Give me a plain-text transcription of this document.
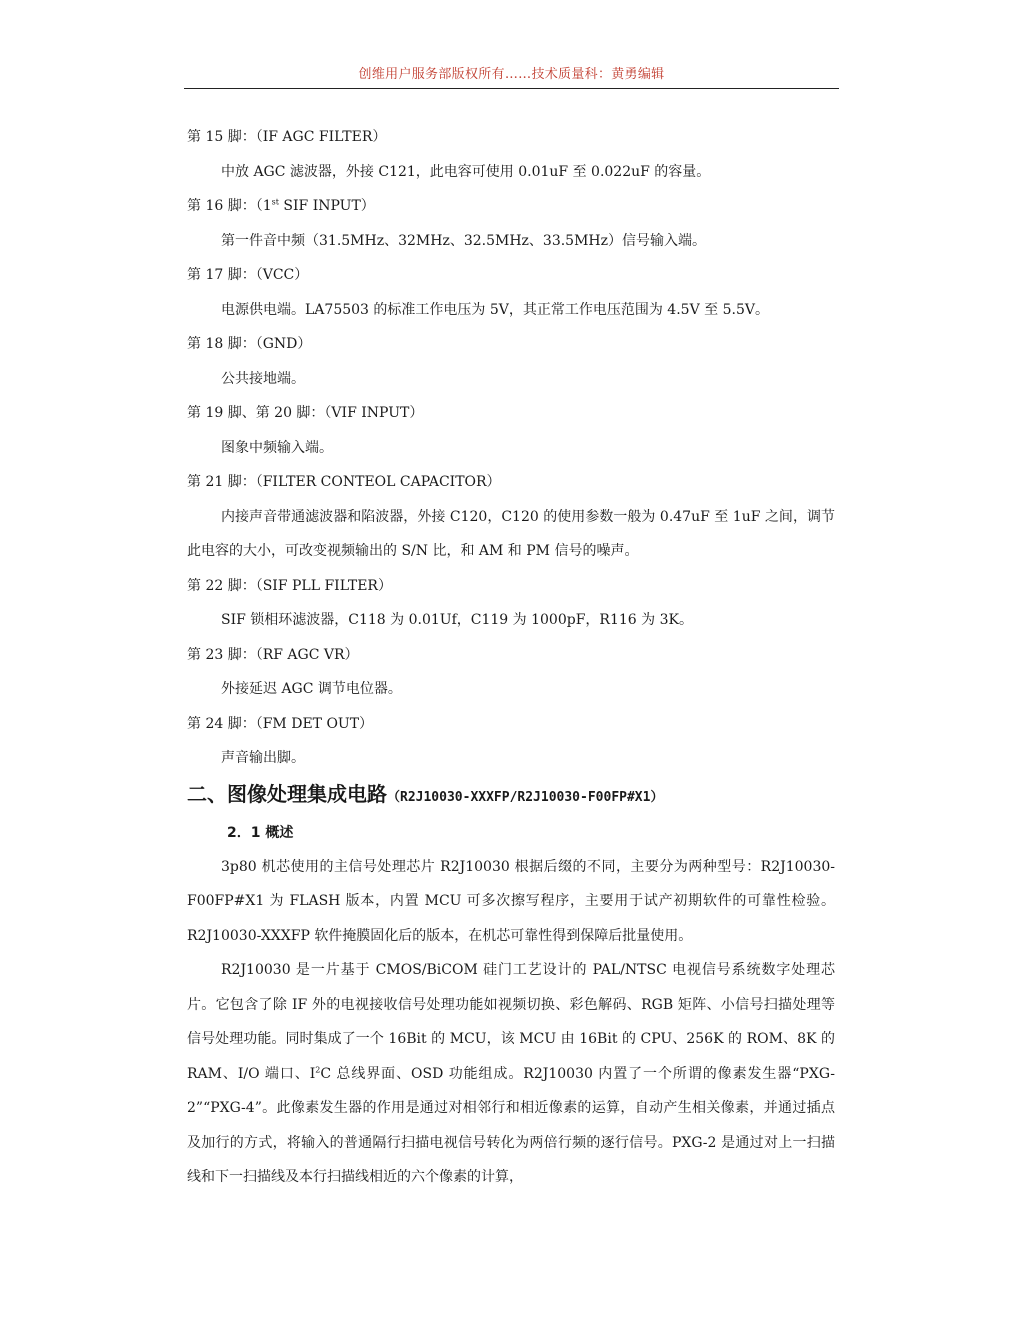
创维用户服务部版权所有……技术质量科：黄勇编辑
第 15 脚：（IF AGC FILTER）
中放 AGC 滤波器，外接 C121，此电容可使用 0.01uF 至 0.022uF 的容量。
第 16 脚：（1st SIF INPUT）
第一件音中频（31.5MHz、32MHz、32.5MHz、33.5MHz）信号输入端。
第 17 脚：（VCC）
电源供电端。LA75503 的标准工作电压为 5V，其正常工作电压范围为 4.5V 至 5.5V。
第 18 脚：（GND）
公共接地端。
第 19 脚、第 20 脚：（VIF INPUT）
图象中频输入端。
第 21 脚：（FILTER CONTEOL CAPACITOR）

内接声音带通滤波器和陷波器，外接 C120，C120 的使用参数一般为 0.47uF 至 1uF 之间，调节此电容的大小，可改变视频输出的 S/N 比，和 AM 和 PM 信号的噪声。

第 22 脚：（SIF PLL FILTER）
SIF 锁相环滤波器，C118 为 0.01Uf，C119 为 1000pF，R116 为 3K。
第 23 脚：（RF AGC VR）
外接延迟 AGC 调节电位器。
第 24 脚：（FM DET OUT）
声音输出脚。
二、图像处理集成电路（R2J10030-XXXFP/R2J10030-F00FP#X1）
2．1 概述

3p80 机芯使用的主信号处理芯片 R2J10030 根据后缀的不同，主要分为两种型号：R2J10030-F00FP#X1 为 FLASH 版本，内置 MCU 可多次擦写程序，主要用于试产初期软件的可靠性检验。R2J10030-XXXFP 软件掩膜固化后的版本，在机芯可靠性得到保障后批量使用。

R2J10030 是一片基于 CMOS/BiCOM 硅门工艺设计的 PAL/NTSC 电视信号系统数字处理芯片。它包含了除 IF 外的电视接收信号处理功能如视频切换、彩色解码、RGB 矩阵、小信号扫描处理等信号处理功能。同时集成了一个 16Bit 的 MCU，该 MCU 由 16Bit 的 CPU、256K 的 ROM、8K 的 RAM、I/O 端口、$I^2C$ 总线界面、OSD 功能组成。R2J10030 内置了一个所谓的像素发生器“PXG-2”“PXG-4”。此像素发生器的作用是通过对相邻行和相近像素的运算，自动产生相关像素，并通过插点及加行的方式，将输入的普通隔行扫描电视信号转化为两倍行频的逐行信号。PXG-2 是通过对上一扫描线和下一扫描线及本行扫描线相近的六个像素的计算，
